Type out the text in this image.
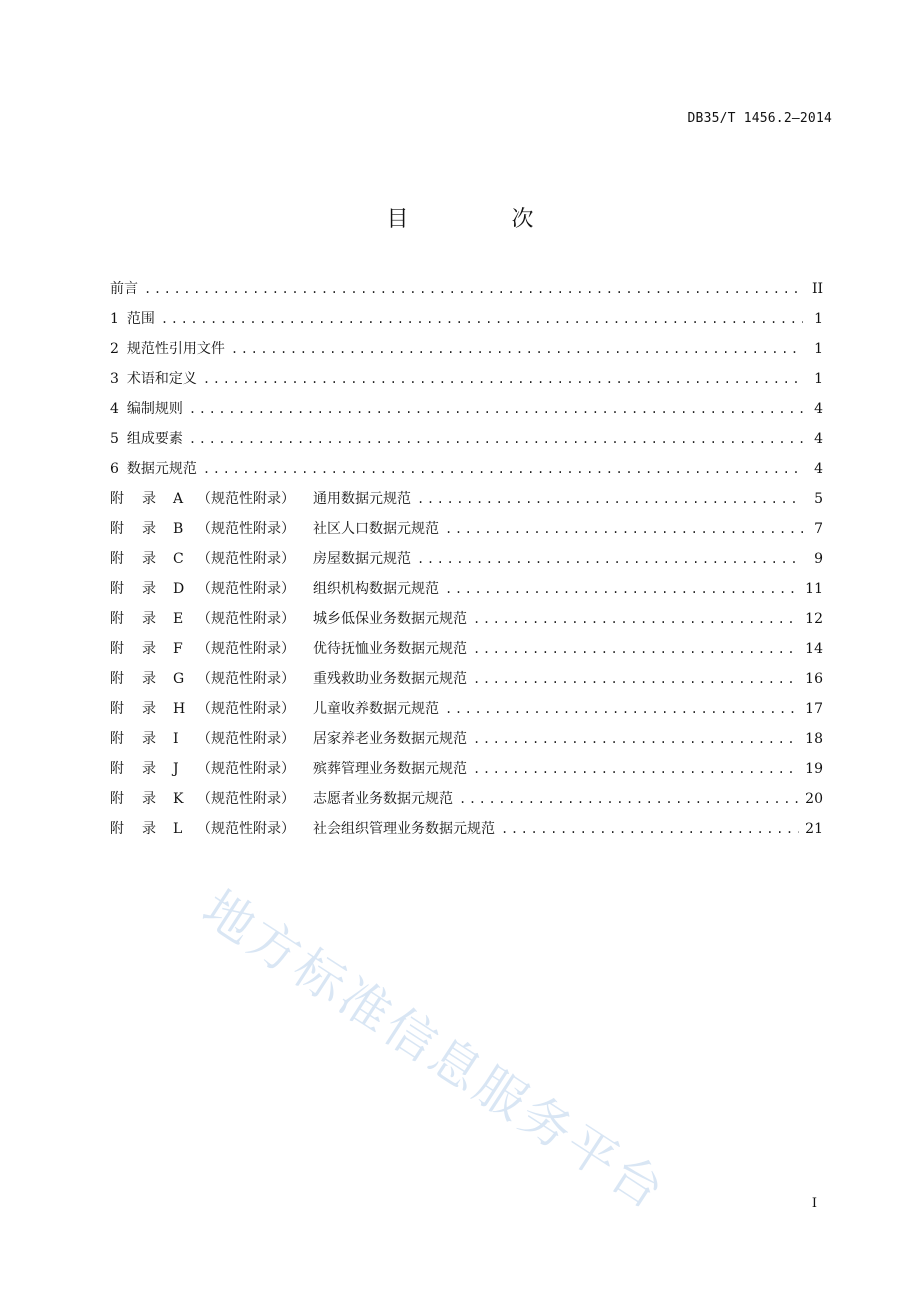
DB35/T 1456.2—2014
目 次
前言 .....	II
1 范围 .....	1
2 规范性引用文件 .....	1
3 术语和定义 .....	1
4 编制规则 .....	4
5 组成要素 .....	4
6 数据元规范 .....	4
附 录	A （规范性附录）	通用数据元规范 .....	5
附 录	B （规范性附录）	社区人口数据元规范 .....	7
附 录	C （规范性附录）	房屋数据元规范 .....	9
附 录	D （规范性附录）	组织机构数据元规范 .....	11
附 录	E （规范性附录）	城乡低保业务数据元规范 .....	12
附 录	F	（规范性附录）	优待抚恤业务数据元规范 .....	14
附 录	G （规范性附录）	重残救助业务数据元规范 .....	16
附 录	H （规范性附录）	儿童收养数据元规范 .....	17
附 录	I	（规范性附录）	居家养老业务数据元规范 .....	18
附 录	J	（规范性附录）	殡葬管理业务数据元规范 .....	19
附 录	K （规范性附录）	志愿者业务数据元规范 .....	20
附 录	L	（规范性附录）	社会组织管理业务数据元规范 .....	21
地方标准信息服务平台	I
